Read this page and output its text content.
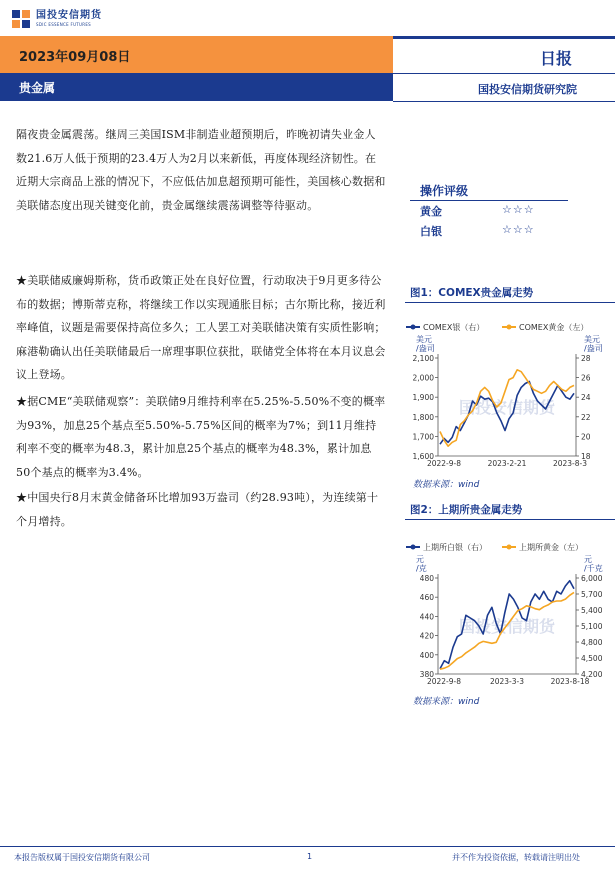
国投安信期货
SDIC ESSENCE FUTURES
2023年09月08日
贵金属
日报
国投安信期货研究院
隔夜贵金属震荡。继周三美国ISM非制造业超预期后，昨晚初请失业金人数21.6万人低于预期的23.4万人为2月以来新低，再度体现经济韧性。在近期大宗商品上涨的情况下，不应低估加息超预期可能性，美国核心数据和美联储态度出现关键变化前，贵金属继续震荡调整等待驱动。
★美联储威廉姆斯称，货币政策正处在良好位置，行动取决于9月更多待公布的数据；博斯蒂克称，将继续工作以实现通胀目标；古尔斯比称，接近利率峰值，议题是需要保持高位多久；工人罢工对美联储决策有实质性影响；麻港勒确认出任美联储最后一席理事职位获批，联储党全体将在本月议息会议上登场。
★据CME“美联储观察”：美联储9月维持利率在5.25%-5.50%不变的概率为93%，加息25个基点至5.50%-5.75%区间的概率为7%；到11月维持利率不变的概率为48.3，累计加息25个基点的概率为48.3%，累计加息50个基点的概率为3.4%。
★中国央行8月末黄金储备环比增加93万盎司（约28.93吨），为连续第十个月增持。
操作评级
黄金	☆☆☆
白银	☆☆☆
图1：COMEX贵金属走势
国投安信期货
COMEX银（右）	COMEX黄金（左）
美元
/盎司
美元
/盎司
1,600
1,700
1,800
1,900
2,000
2,100
18
20
22
24
26
28
2022-9-8	2023-2-21	2023-8-3
数据来源：wind
图2：上期所贵金属走势
国投安信期货
上期所白银（右）	上期所黄金（左）
元
/克
元
/千克
380
400
420
440
460
480
4,200
4,500
4,800
5,100
5,400
5,700
6,000
2022-9-8	2023-3-3	2023-8-18
数据来源：wind
本报告版权属于国投安信期货有限公司	1	并不作为投资依据，转载请注明出处
